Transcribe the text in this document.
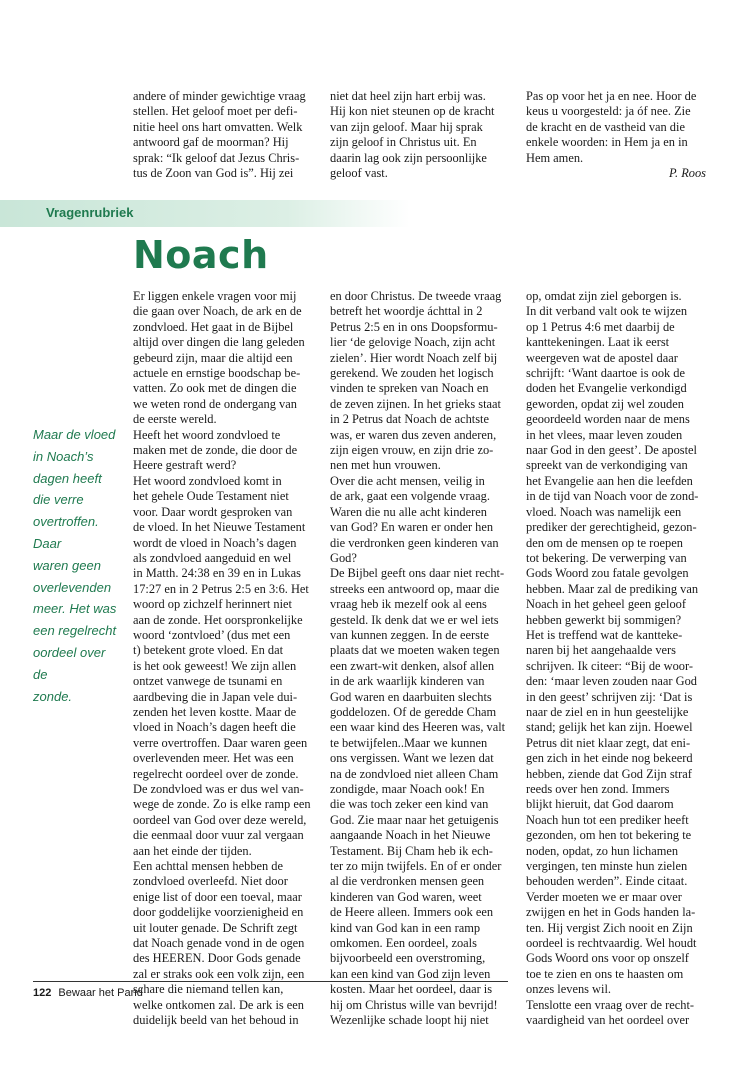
andere of minder gewichtige vraag
stellen. Het geloof moet per defi-
nitie heel ons hart omvatten. Welk
antwoord gaf de moorman? Hij
sprak: “Ik geloof dat Jezus Chris-
tus de Zoon van God is”. Hij zei

niet dat heel zijn hart erbij was.
Hij kon niet steunen op de kracht
van zijn geloof. Maar hij sprak
zijn geloof in Christus uit. En
daarin lag ook zijn persoonlijke
geloof vast.

Pas op voor het ja en nee. Hoor de
keus u voorgesteld: ja óf nee. Zie
de kracht en de vastheid van die
enkele woorden: in Hem ja en in
Hem amen.

P. Roos

Vragenrubriek
Noach
Maar de vloed
in Noach’s
dagen heeft
die verre
overtroffen.
Daar
waren geen
overlevenden
meer. Het was
een regelrecht
oordeel over de
zonde.

Er liggen enkele vragen voor mij
die gaan over Noach, de ark en de
zondvloed. Het gaat in de Bijbel
altijd over dingen die lang geleden
gebeurd zijn, maar die altijd een
actuele en ernstige boodschap be-
vatten. Zo ook met de dingen die
we weten rond de ondergang van
de eerste wereld.
Heeft het woord zondvloed te
maken met de zonde, die door de
Heere gestraft werd?
Het woord zondvloed komt in
het gehele Oude Testament niet
voor. Daar wordt gesproken van
de vloed. In het Nieuwe Testament
wordt de vloed in Noach’s dagen
als zondvloed aangeduid en wel
in Matth. 24:38 en 39 en in Lukas
17:27 en in 2 Petrus 2:5 en 3:6. Het
woord op zichzelf herinnert niet
aan de zonde. Het oorspronkelijke
woord ‘zontvloed’ (dus met een
t) betekent grote vloed. En dat
is het ook geweest! We zijn allen
ontzet vanwege de tsunami en
aardbeving die in Japan vele dui-
zenden het leven kostte. Maar de
vloed in Noach’s dagen heeft die
verre overtroffen. Daar waren geen
overlevenden meer. Het was een
regelrecht oordeel over de zonde.
De zondvloed was er dus wel van-
wege de zonde. Zo is elke ramp een
oordeel van God over deze wereld,
die eenmaal door vuur zal vergaan
aan het einde der tijden.
Een achttal mensen hebben de
zondvloed overleefd. Niet door
enige list of door een toeval, maar
door goddelijke voorzienigheid en
uit louter genade. De Schrift zegt
dat Noach genade vond in de ogen
des HEEREN. Door Gods genade
zal er straks ook een volk zijn, een
schare die niemand tellen kan,
welke ontkomen zal. De ark is een
duidelijk beeld van het behoud in

en door Christus. De tweede vraag
betreft het woordje áchttal in 2
Petrus 2:5 en in ons Doopsformu-
lier ‘de gelovige Noach, zijn acht
zielen’. Hier wordt Noach zelf bij
gerekend. We zouden het logisch
vinden te spreken van Noach en
de zeven zijnen. In het grieks staat
in 2 Petrus dat Noach de achtste
was, er waren dus zeven anderen,
zijn eigen vrouw, en zijn drie zo-
nen met hun vrouwen.
Over die acht mensen, veilig in
de ark, gaat een volgende vraag.
Waren die nu alle acht kinderen
van God? En waren er onder hen
die verdronken geen kinderen van
God?
De Bijbel geeft ons daar niet recht-
streeks een antwoord op, maar die
vraag heb ik mezelf ook al eens
gesteld. Ik denk dat we er wel iets
van kunnen zeggen. In de eerste
plaats dat we moeten waken tegen
een zwart-wit denken, alsof allen
in de ark waarlijk kinderen van
God waren en daarbuiten slechts
goddelozen. Of de geredde Cham
een waar kind des Heeren was, valt
te betwijfelen..Maar we kunnen
ons vergissen. Want we lezen dat
na de zondvloed niet alleen Cham
zondigde, maar Noach ook! En
die was toch zeker een kind van
God. Zie maar naar het getuigenis
aangaande Noach in het Nieuwe
Testament. Bij Cham heb ik ech-
ter zo mijn twijfels. En of er onder
al die verdronken mensen geen
kinderen van God waren, weet
de Heere alleen. Immers ook een
kind van God kan in een ramp
omkomen. Een oordeel, zoals
bijvoorbeeld een overstroming,
kan een kind van God zijn leven
kosten. Maar het oordeel, daar is
hij om Christus wille van bevrijd!
Wezenlijke schade loopt hij niet

op, omdat zijn ziel geborgen is.
In dit verband valt ook te wijzen
op 1 Petrus 4:6 met daarbij de
kanttekeningen. Laat ik eerst
weergeven wat de apostel daar
schrijft: ‘Want daartoe is ook de
doden het Evangelie verkondigd
geworden, opdat zij wel zouden
geoordeeld worden naar de mens
in het vlees, maar leven zouden
naar God in den geest’. De apostel
spreekt van de verkondiging van
het Evangelie aan hen die leefden
in de tijd van Noach voor de zond-
vloed. Noach was namelijk een
prediker der gerechtigheid, gezon-
den om de mensen op te roepen
tot bekering. De verwerping van
Gods Woord zou fatale gevolgen
hebben. Maar zal de prediking van
Noach in het geheel geen geloof
hebben gewerkt bij sommigen?
Het is treffend wat de kantteke-
naren bij het aangehaalde vers
schrijven. Ik citeer: “Bij de woor-
den: ‘maar leven zouden naar God
in den geest’ schrijven zij: ‘Dat is
naar de ziel en in hun geestelijke
stand; gelijk het kan zijn. Hoewel
Petrus dit niet klaar zegt, dat eni-
gen zich in het einde nog bekeerd
hebben, ziende dat God Zijn straf
reeds over hen zond. Immers
blijkt hieruit, dat God daarom
Noach hun tot een prediker heeft
gezonden, om hen tot bekering te
noden, opdat, zo hun lichamen
vergingen, ten minste hun zielen
behouden werden”. Einde citaat.
Verder moeten we er maar over
zwijgen en het in Gods handen la-
ten. Hij vergist Zich nooit en Zijn
oordeel is rechtvaardig. Wel houdt
Gods Woord ons voor op onszelf
toe te zien en ons te haasten om
onzes levens wil.
Tenslotte een vraag over de recht-
vaardigheid van het oordeel over

122 Bewaar het Pand
